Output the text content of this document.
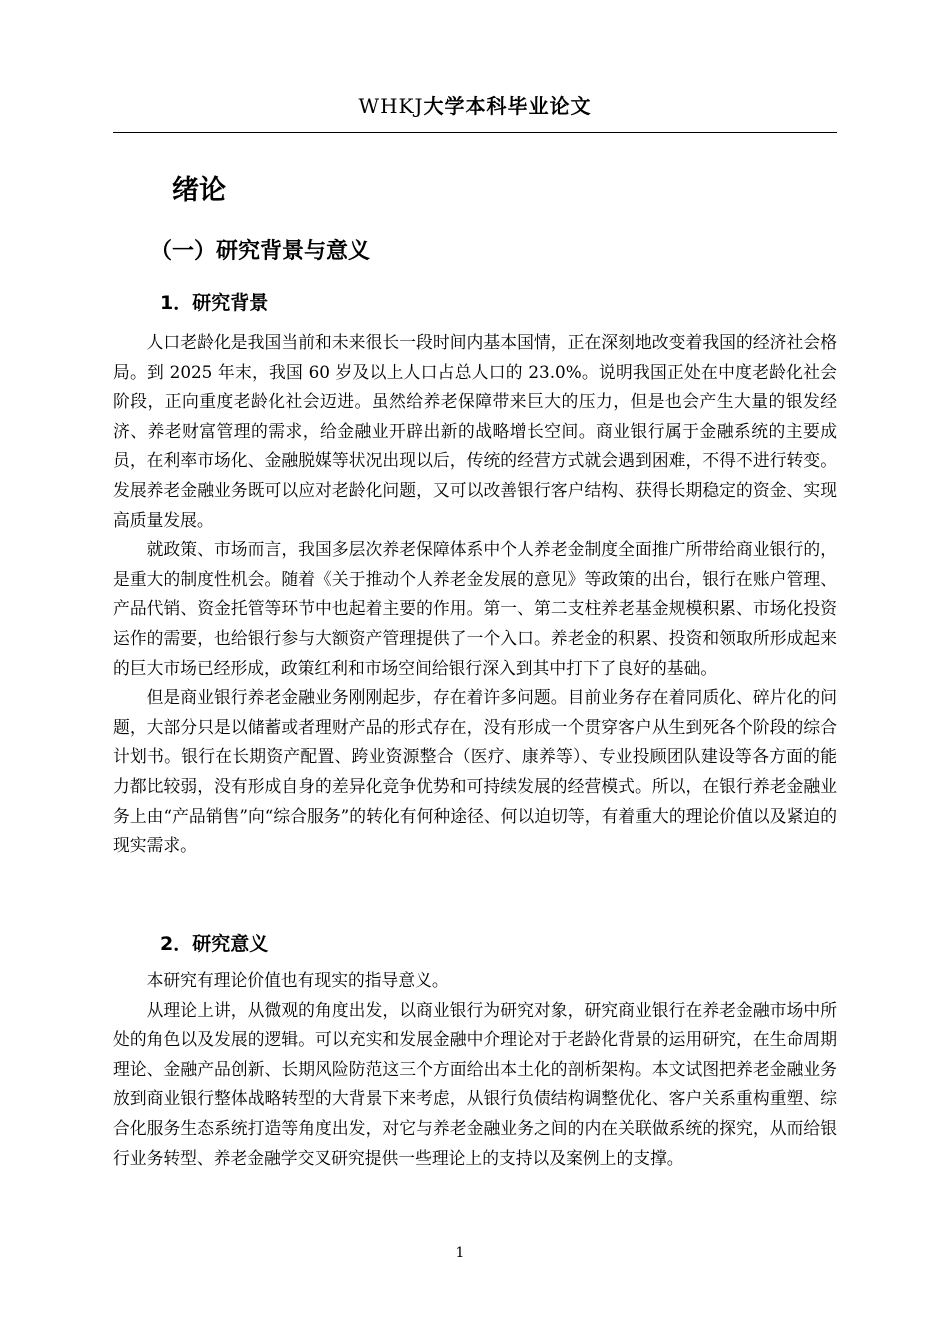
WHKJ大学本科毕业论文
绪论
（一）研究背景与意义
1．研究背景

人口老龄化是我国当前和未来很长一段时间内基本国情，正在深刻地改变着我国的经济社会格局。到 2025 年末，我国 60 岁及以上人口占总人口的 23.0%。说明我国正处在中度老龄化社会阶段，正向重度老龄化社会迈进。虽然给养老保障带来巨大的压力，但是也会产生大量的银发经济、养老财富管理的需求，给金融业开辟出新的战略增长空间。商业银行属于金融系统的主要成员，在利率市场化、金融脱媒等状况出现以后，传统的经营方式就会遇到困难，不得不进行转变。发展养老金融业务既可以应对老龄化问题，又可以改善银行客户结构、获得长期稳定的资金、实现高质量发展。

就政策、市场而言，我国多层次养老保障体系中个人养老金制度全面推广所带给商业银行的，是重大的制度性机会。随着《关于推动个人养老金发展的意见》等政策的出台，银行在账户管理、产品代销、资金托管等环节中也起着主要的作用。第一、第二支柱养老基金规模积累、市场化投资运作的需要，也给银行参与大额资产管理提供了一个入口。养老金的积累、投资和领取所形成起来的巨大市场已经形成，政策红利和市场空间给银行深入到其中打下了良好的基础。

但是商业银行养老金融业务刚刚起步，存在着许多问题。目前业务存在着同质化、碎片化的问题，大部分只是以储蓄或者理财产品的形式存在，没有形成一个贯穿客户从生到死各个阶段的综合计划书。银行在长期资产配置、跨业资源整合（医疗、康养等）、专业投顾团队建设等各方面的能力都比较弱，没有形成自身的差异化竞争优势和可持续发展的经营模式。所以，在银行养老金融业务上由“产品销售”向“综合服务”的转化有何种途径、何以迫切等，有着重大的理论价值以及紧迫的现实需求。

2．研究意义

本研究有理论价值也有现实的指导意义。

从理论上讲，从微观的角度出发，以商业银行为研究对象，研究商业银行在养老金融市场中所处的角色以及发展的逻辑。可以充实和发展金融中介理论对于老龄化背景的运用研究，在生命周期理论、金融产品创新、长期风险防范这三个方面给出本土化的剖析架构。本文试图把养老金融业务放到商业银行整体战略转型的大背景下来考虑，从银行负债结构调整优化、客户关系重构重塑、综合化服务生态系统打造等角度出发，对它与养老金融业务之间的内在关联做系统的探究，从而给银行业务转型、养老金融学交叉研究提供一些理论上的支持以及案例上的支撑。

1
